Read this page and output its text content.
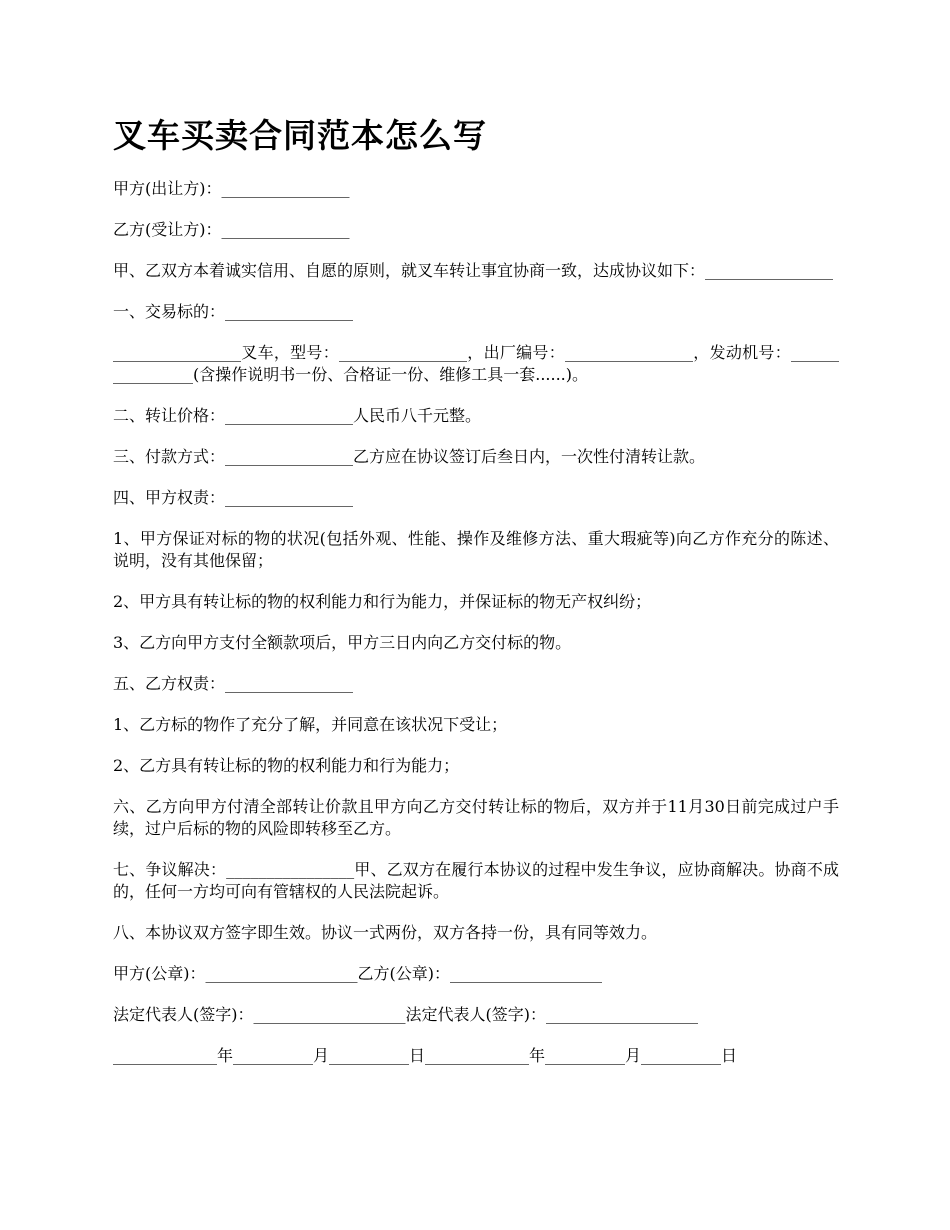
叉车买卖合同范本怎么写
甲方(出让方)：________________
乙方(受让方)：________________
甲、乙双方本着诚实信用、自愿的原则，就叉车转让事宜协商一致，达成协议如下：________________
一、交易标的：________________
________________叉车，型号：________________，出厂编号：________________，发动机号：________________(含操作说明书一份、合格证一份、维修工具一套......)。
二、转让价格：________________人民币八千元整。
三、付款方式：________________乙方应在协议签订后叁日内，一次性付清转让款。
四、甲方权责：________________
1、甲方保证对标的物的状况(包括外观、性能、操作及维修方法、重大瑕疵等)向乙方作充分的陈述、说明，没有其他保留；
2、甲方具有转让标的物的权利能力和行为能力，并保证标的物无产权纠纷；
3、乙方向甲方支付全额款项后，甲方三日内向乙方交付标的物。
五、乙方权责：________________
1、乙方标的物作了充分了解，并同意在该状况下受让；
2、乙方具有转让标的物的权利能力和行为能力；
六、乙方向甲方付清全部转让价款且甲方向乙方交付转让标的物后，双方并于11月30日前完成过户手续，过户后标的物的风险即转移至乙方。
七、争议解决：________________甲、乙双方在履行本协议的过程中发生争议，应协商解决。协商不成的，任何一方均可向有管辖权的人民法院起诉。
八、本协议双方签字即生效。协议一式两份，双方各持一份，具有同等效力。
甲方(公章)：___________________乙方(公章)：___________________
法定代表人(签字)：___________________法定代表人(签字)：___________________
_____________年__________月__________日_____________年__________月__________日
